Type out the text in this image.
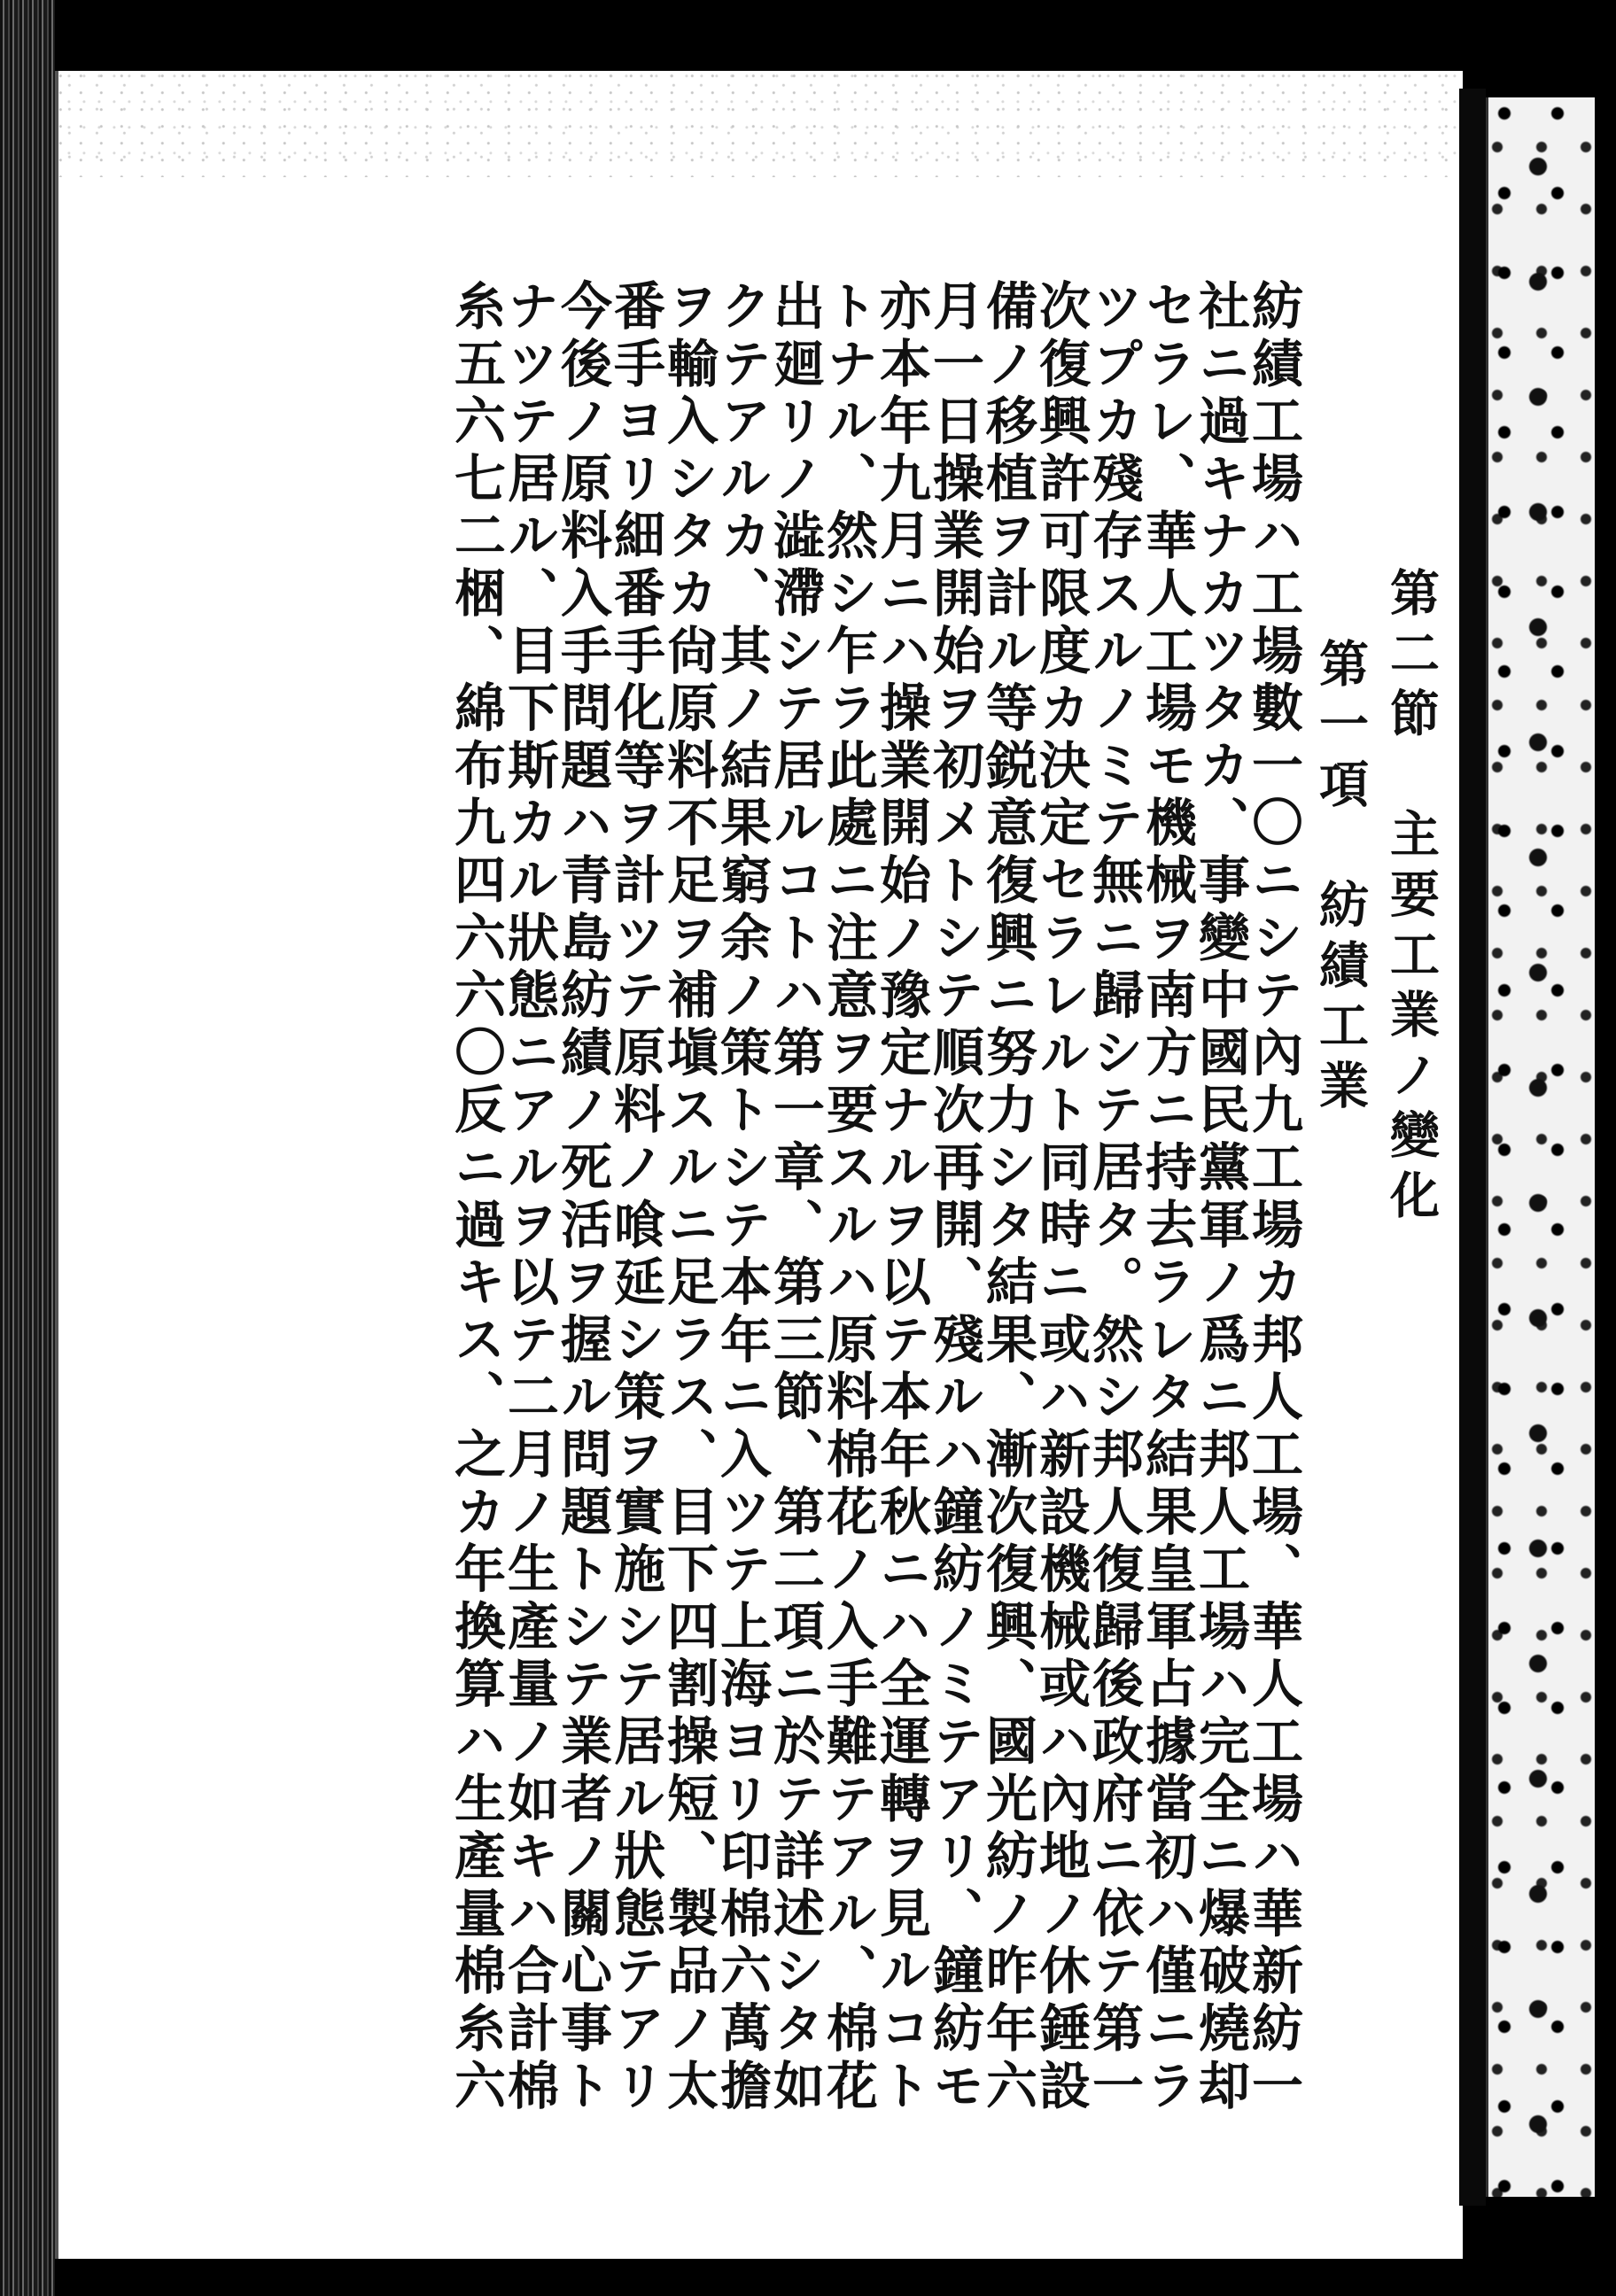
第二節　主要工業ノ變化
第一項　紡績工業
紡績工場ハ工場數一〇ニシテ內九工場カ邦人工場、華人工場ハ華新紡一
社ニ過キナカツタカ、事變中國民黨軍ノ爲ニ邦人工場ハ完全ニ爆破燒却
セラレ、華人工場モ機械ヲ南方ニ持去ラレタ結果皇軍占據當初ハ僅ニラ
ツプカ殘存スルノミテ無ニ歸シテ居タ。然シ邦人復歸後政府ニ依テ第一
次復興許可限度カ決定セラレルト同時ニ或ハ新設機械或ハ內地ノ休錘設
備ノ移植ヲ計ル等鋭意復興ニ努力シタ結果、漸次復興、國光紡ノ昨年六
月一日操業開始ヲ初メトシテ順次再開、殘ルハ鐘紡ノミテアリ、鐘紡モ
亦本年九月ニハ操業開始ノ豫定ナルヲ以テ本年秋ニハ全運轉ヲ見ルコト
トナル、然シ乍ラ此處ニ注意ヲ要スルハ原料棉花ノ入手難テアル、棉花
出廻リノ澁滯シテ居ルコトハ第一章、第三節、第二項ニ於テ詳述シタ如
クテアルカ、其ノ結果窮余ノ策トシテ本年ニ入ツテ上海ヨリ印棉六萬擔
ヲ輸入シタカ尙原料不足ヲ補塡スルニ足ラス、目下四割操短、製品ノ太
番手ヨリ細番手化等ヲ計ツテ原料ノ喰延シ策ヲ實施シテ居ル狀態テアリ
今後ノ原料入手問題ハ青島紡績ノ死活ヲ握ル問題トシテ業者ノ關心事ト
ナツテ居ル、目下斯カル狀態ニアルヲ以テ二月ノ生產量ノ如キハ合計棉
糸五六七二梱、綿布九四六六〇反ニ過キス、之カ年換算ハ生產量棉糸六
